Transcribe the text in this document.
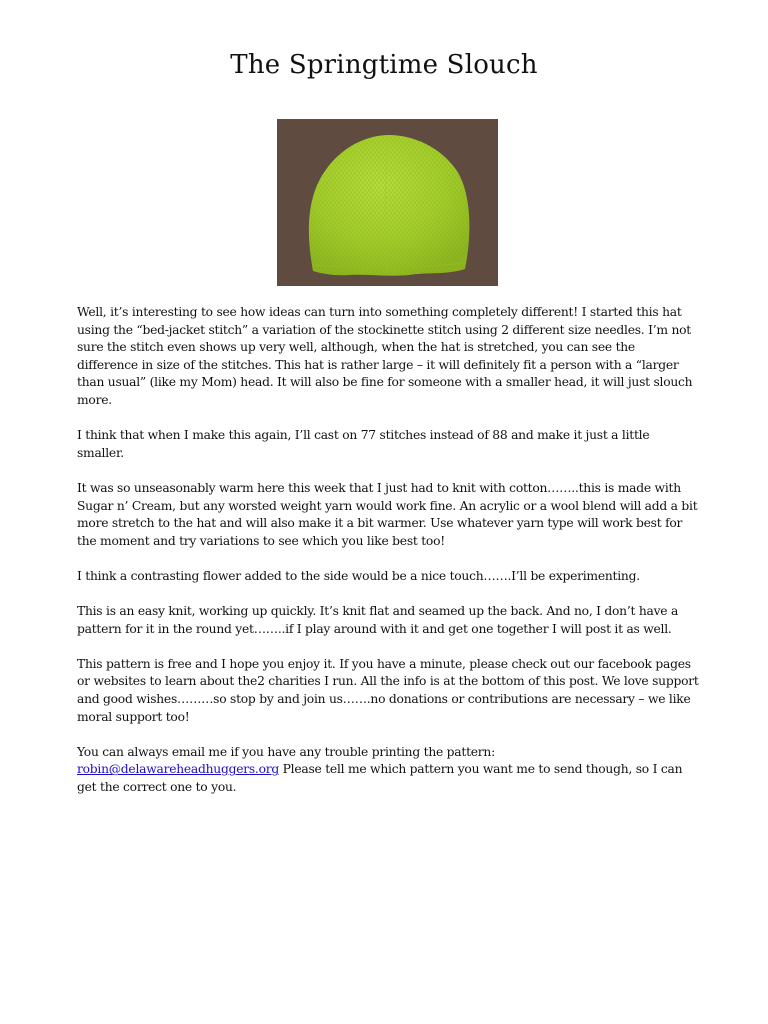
The Springtime Slouch

Well, it’s interesting to see how ideas can turn into something completely different! I started this hat using the “bed-jacket stitch” a variation of the stockinette stitch using 2 different size needles. I’m not sure the stitch even shows up very well, although, when the hat is stretched, you can see the difference in size of the stitches. This hat is rather large – it will definitely fit a person with a “larger than usual” (like my Mom) head. It will also be fine for someone with a smaller head, it will just slouch more.

I think that when I make this again, I’ll cast on 77 stitches instead of 88 and make it just a little smaller.

It was so unseasonably warm here this week that I just had to knit with cotton……..this is made with Sugar n’ Cream, but any worsted weight yarn would work fine. An acrylic or a wool blend will add a bit more stretch to the hat and will also make it a bit warmer. Use whatever yarn type will work best for the moment and try variations to see which you like best too!

I think a contrasting flower added to the side would be a nice touch…….I’ll be experimenting.

This is an easy knit, working up quickly. It’s knit flat and seamed up the back. And no, I don’t have a pattern for it in the round yet……..if I play around with it and get one together I will post it as well.

This pattern is free and I hope you enjoy it. If you have a minute, please check out our facebook pages or websites to learn about the2 charities I run. All the info is at the bottom of this post. We love support and good wishes………so stop by and join us…….no donations or contributions are necessary – we like moral support too!

You can always email me if you have any trouble printing the pattern:
robin@delawareheadhuggers.org Please tell me which pattern you want me to send though, so I can get the correct one to you.
